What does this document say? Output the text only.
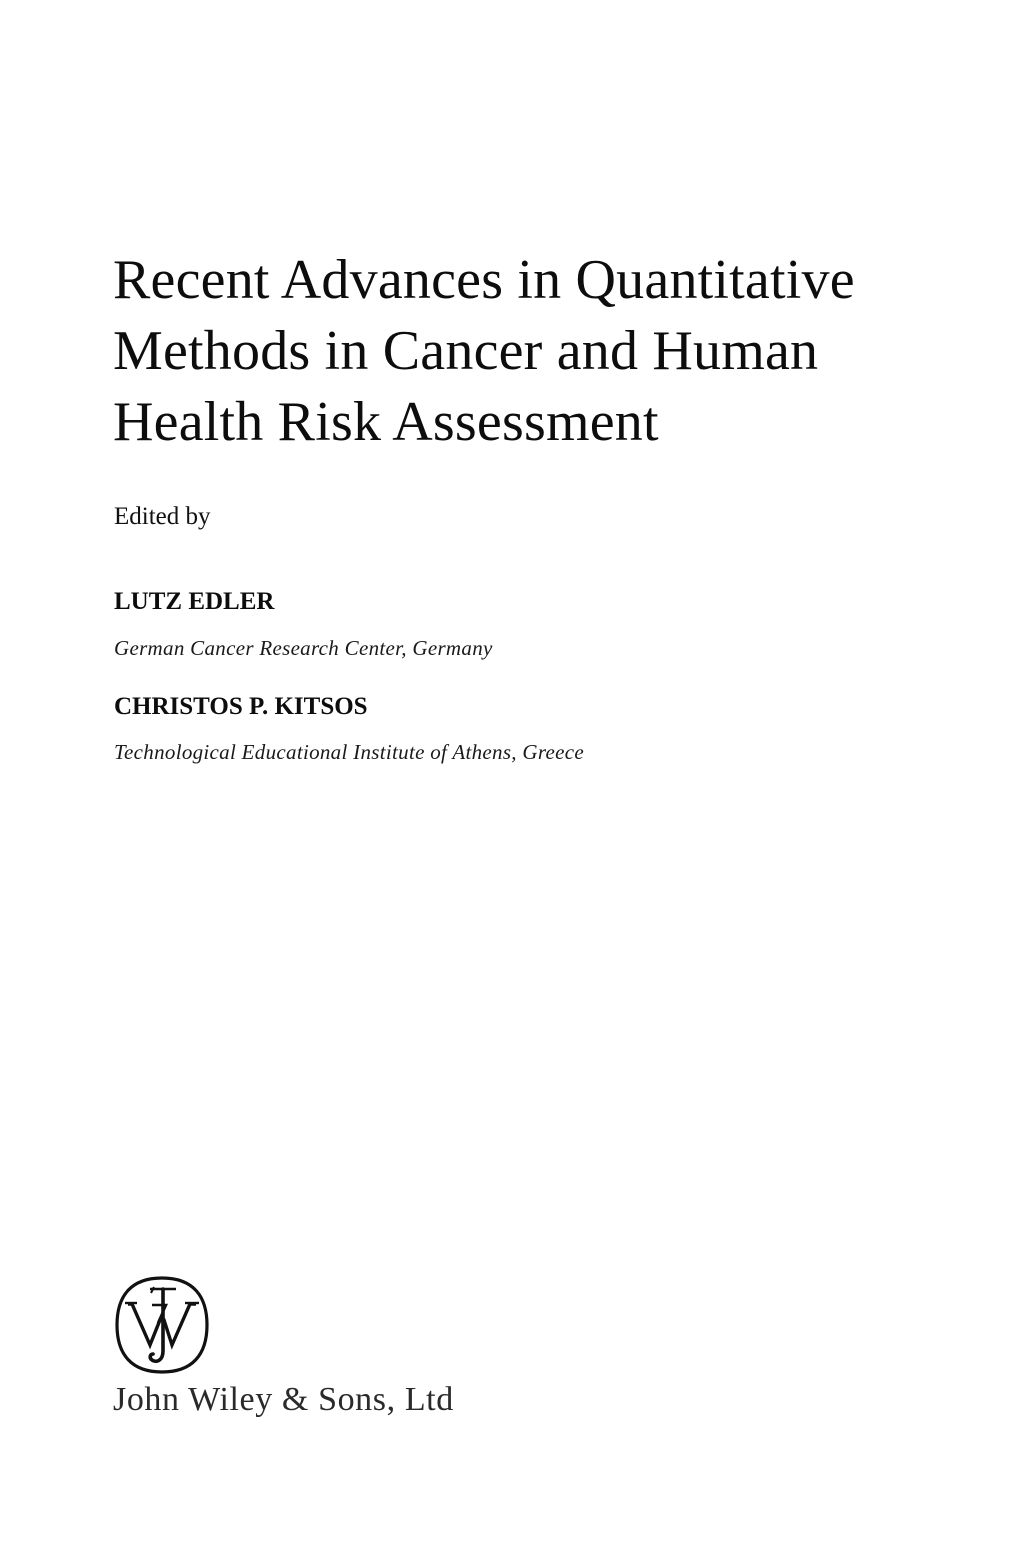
Recent Advances in Quantitative
Methods in Cancer and Human
Health Risk Assessment

Edited by

LUTZ EDLER

German Cancer Research Center, Germany

CHRISTOS P. KITSOS

Technological Educational Institute of Athens, Greece

John Wiley & Sons, Ltd
